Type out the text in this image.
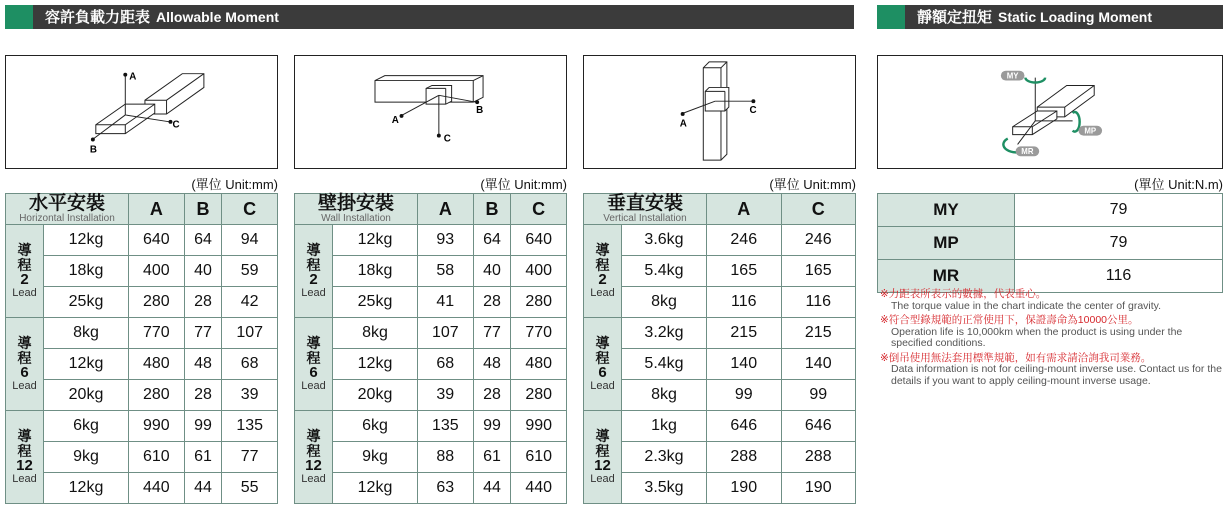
容許負載力距表 Allowable Moment	靜額定扭矩 Static Loading Moment
A
C
B
A
C
B
A
C
MY
MP
MR
(單位 Unit:mm)	(單位 Unit:mm)	(單位 Unit:mm)	(單位 Unit:N.m)
水平安裝
Horizontal Installation		A	B	C

導
程
2
Lead	12kg	640	64	94
	18kg	400	40	59
	25kg	280	28	42

導
程
6
Lead	8kg	770	77	107
	12kg	480	48	68
	20kg	280	28	39

導
程
12
Lead	6kg	990	99	135
	9kg	610	61	77
	12kg	440	44	55
壁掛安裝
Wall Installation		A	B	C

導
程
2
Lead	12kg	93	64	640
	18kg	58	40	400
	25kg	41	28	280

導
程
6
Lead	8kg	107	77	770
	12kg	68	48	480
	20kg	39	28	280

導
程
12
Lead	6kg	135	99	990
	9kg	88	61	610
	12kg	63	44	440
垂直安裝
Vertical Installation		A	C

導
程
2
Lead	3.6kg	246	246
	5.4kg	165	165
	8kg	116	116

導
程
6
Lead	3.2kg	215	215
	5.4kg	140	140
	8kg	99	99

導
程
12
Lead	1kg	646	646
	2.3kg	288	288
	3.5kg	190	190
MY	79
MP	79
MR	116
※力距表所表示的數據，代表重心。
The torque value in the chart indicate the center of gravity.
※符合型錄規範的正常使用下，保證壽命為10000公里。
Operation life is 10,000km when the product is using under the specified conditions.
※倒吊使用無法套用標準規範，如有需求請洽詢我司業務。
Data information is not for ceiling-mount inverse use. Contact us for the details if you want to apply ceiling-mount inverse usage.
